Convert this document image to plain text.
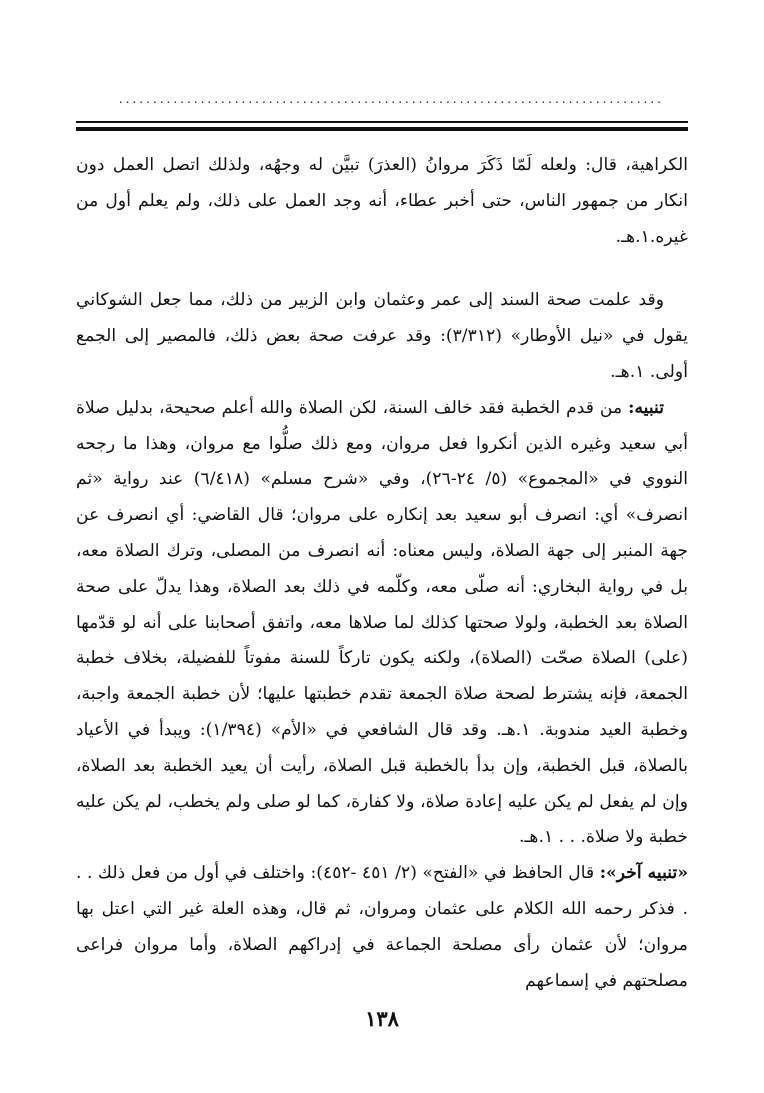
................................................................................

الكراهية، قال: ولعله لَمّا ذَكَرَ مروانُ (العذرَ) تبيَّن له وجهُه، ولذلك اتصل العمل دون انكار من جمهور الناس، حتى أخبر عطاء، أنه وجد العمل على ذلك، ولم يعلم أول من غيره.١.هـ.

وقد علمت صحة السند إلى عمر وعثمان وابن الزبير من ذلك، مما جعل الشوكاني يقول في «نيل الأوطار» (٣/٣١٢): وقد عرفت صحة بعض ذلك، فالمصير إلى الجمع أولى. ١.هـ.

تنبيه: من قدم الخطبة فقد خالف السنة، لكن الصلاة والله أعلم صحيحة، بدليل صلاة أبي سعيد وغيره الذين أنكروا فعل مروان، ومع ذلك صلُّوا مع مروان، وهذا ما رجحه النووي في «المجموع» (٥/ ٢٤-٢٦)، وفي «شرح مسلم» (٦/٤١٨) عند رواية «ثم انصرف» أي: انصرف أبو سعيد بعد إنكاره على مروان؛ قال القاضي: أي انصرف عن جهة المنبر إلى جهة الصلاة، وليس معناه: أنه انصرف من المصلى، وترك الصلاة معه، بل في رواية البخاري: أنه صلّى معه، وكلّمه في ذلك بعد الصلاة، وهذا يدلّ على صحة الصلاة بعد الخطبة، ولولا صحتها كذلك لما صلاها معه، واتفق أصحابنا على أنه لو قدّمها (على) الصلاة صحّت (الصلاة)، ولكنه يكون تاركاً للسنة مفوتاً للفضيلة، بخلاف خطبة الجمعة، فإنه يشترط لصحة صلاة الجمعة تقدم خطبتها عليها؛ لأن خطبة الجمعة واجبة، وخطبة العيد مندوبة. ١.هـ. وقد قال الشافعي في «الأم» (١/٣٩٤): ويبدأ في الأعياد بالصلاة، قبل الخطبة، وإن بدأ بالخطبة قبل الصلاة، رأيت أن يعيد الخطبة بعد الصلاة، وإن لم يفعل لم يكن عليه إعادة صلاة، ولا كفارة، كما لو صلى ولم يخطب، لم يكن عليه خطبة ولا صلاة. . . ١.هـ.

«تنبيه آخر»: قال الحافظ في «الفتح» (٢/ ٤٥١ -٤٥٢): واختلف في أول من فعل ذلك . . . فذكر رحمه الله الكلام على عثمان ومروان، ثم قال، وهذه العلة غير التي اعتل بها مروان؛ لأن عثمان رأى مصلحة الجماعة في إدراكهم الصلاة، وأما مروان فراعى مصلحتهم في إسماعهم

١٣٨
